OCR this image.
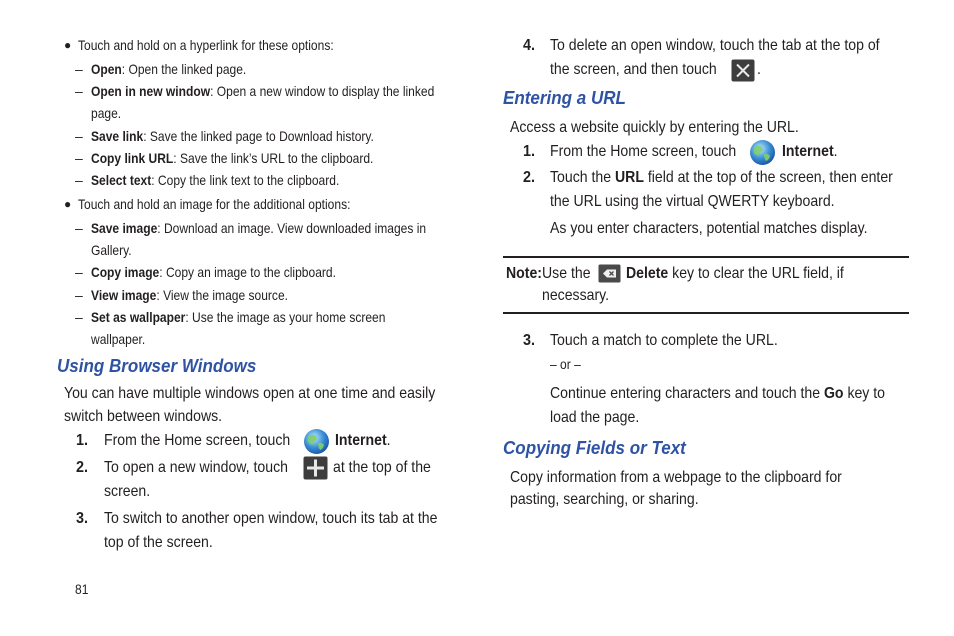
● Touch and hold on a hyperlink for these options:
– Open: Open the linked page.
– Open in new window: Open a new window to display the linked
page.
– Save link: Save the linked page to Download history.
– Copy link URL: Save the link’s URL to the clipboard.
– Select text: Copy the link text to the clipboard.
● Touch and hold an image for the additional options:
– Save image: Download an image. View downloaded images in
Gallery.
– Copy image: Copy an image to the clipboard.
– View image: View the image source.
– Set as wallpaper: Use the image as your home screen
wallpaper.
Using Browser Windows
You can have multiple windows open at one time and easily
switch between windows.
1. From the Home screen, touch	Internet.
2. To open a new window, touch	at the top of the
screen.
3. To switch to another open window, touch its tab at the
top of the screen.
81
4. To delete an open window, touch the tab at the top of
the screen, and then touch	.
Entering a URL
Access a website quickly by entering the URL.
1. From the Home screen, touch	Internet.
2. Touch the URL field at the top of the screen, then enter
the URL using the virtual QWERTY keyboard.
As you enter characters, potential matches display.
Note: Use the Delete key to clear the URL field, if
necessary.
3. Touch a match to complete the URL.
– or –
Continue entering characters and touch the Go key to
load the page.
Copying Fields or Text
Copy information from a webpage to the clipboard for
pasting, searching, or sharing.
